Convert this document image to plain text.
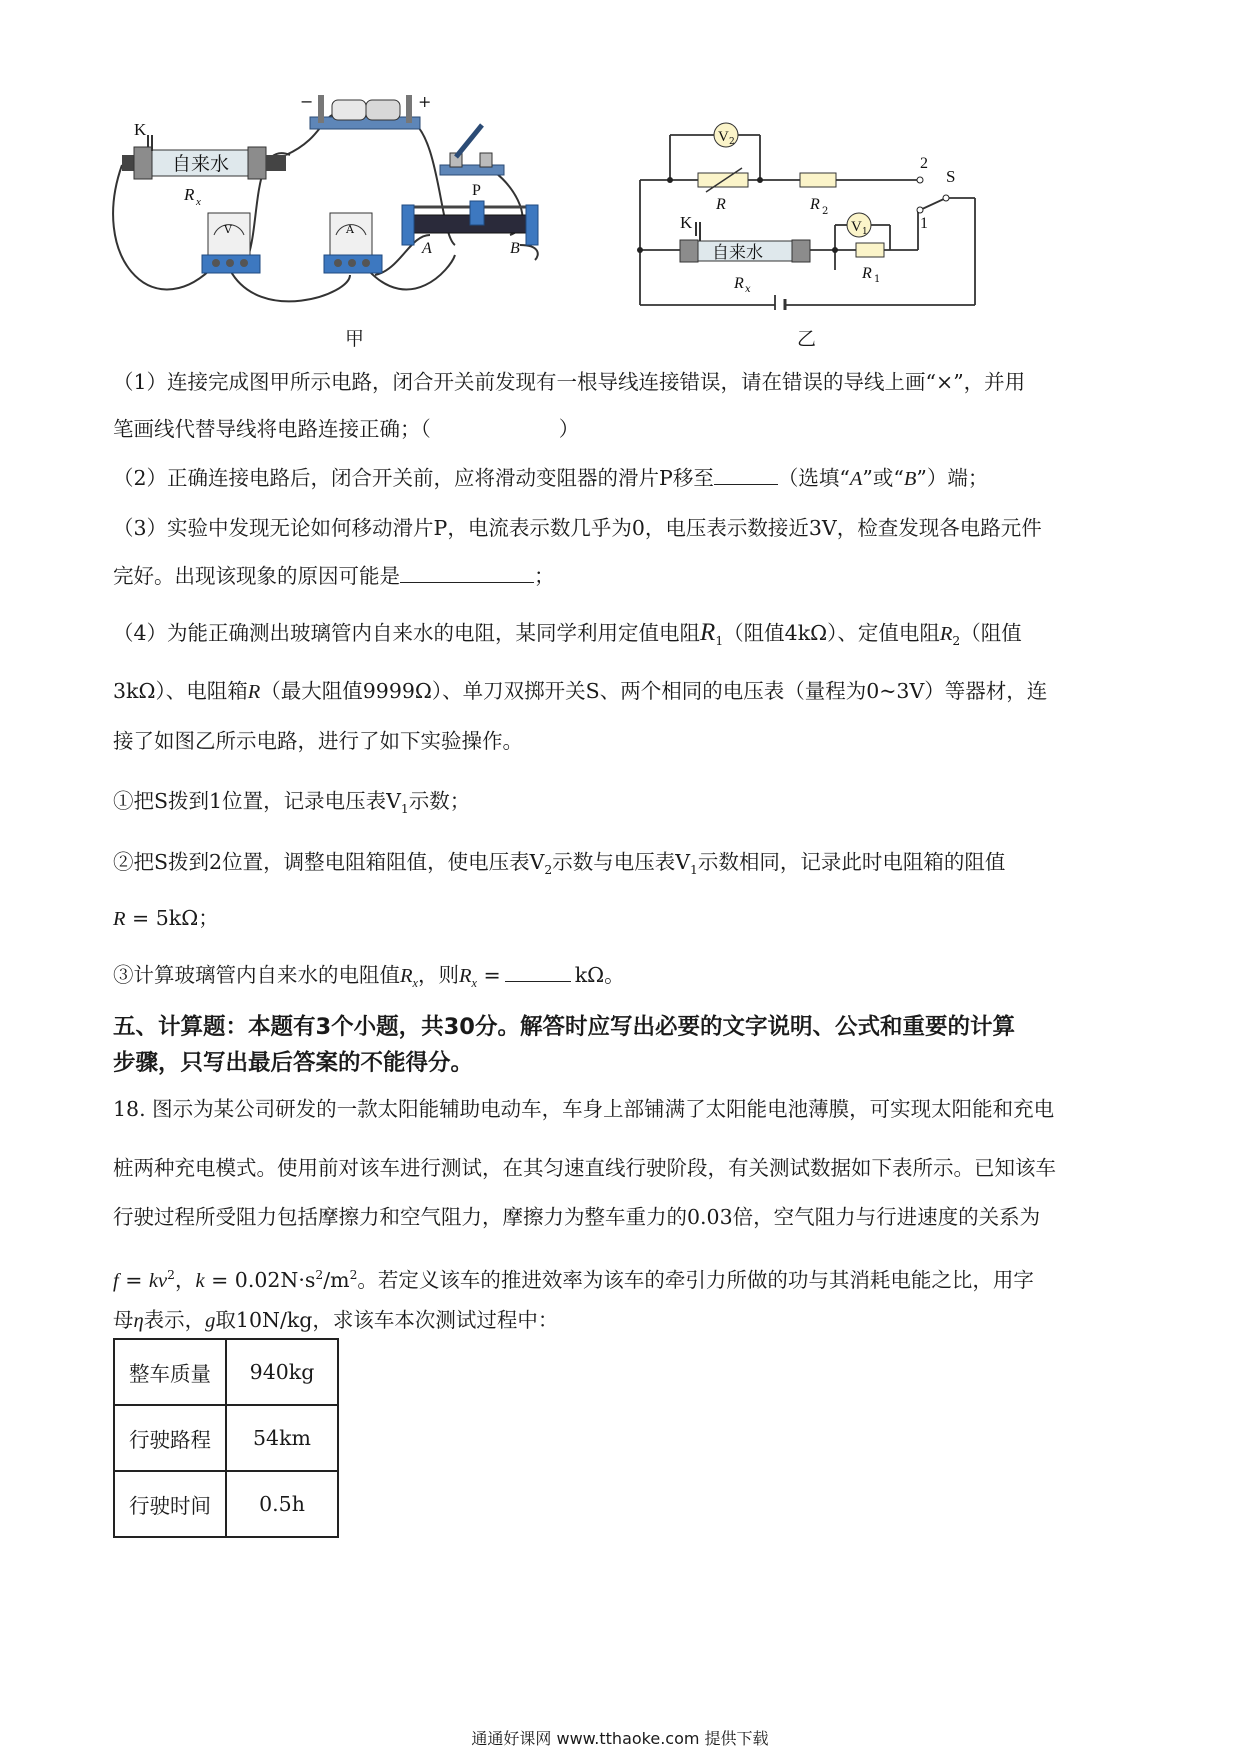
K
自来水
R x
−	+
V	A
P
A	B
甲
V 2
R	R 2
2
S
1
V 1
R 1
K
自来水
R x
乙
（1）连接完成图甲所示电路，闭合开关前发现有一根导线连接错误，请在错误的导线上画“×”，并用
笔画线代替导线将电路连接正确；（	）
（2）正确连接电路后，闭合开关前，应将滑动变阻器的滑片P移至	（选填“A”或“B”）端；
（3）实验中发现无论如何移动滑片P，电流表示数几乎为0，电压表示数接近3V，检查发现各电路元件
完好。出现该现象的原因可能是	；
（4）为能正确测出玻璃管内自来水的电阻，某同学利用定值电阻$R_1$（阻值4kΩ）、定值电阻$R_2$（阻值
3kΩ）、电阻箱R（最大阻值9999Ω）、单刀双掷开关S、两个相同的电压表（量程为0~3V）等器材，连
接了如图乙所示电路，进行了如下实验操作。
①把S拨到1位置，记录电压表$V_1$示数；
②把S拨到2位置，调整电阻箱阻值，使电压表$V_2$示数与电压表$V_1$示数相同，记录此时电阻箱的阻值
R = 5kΩ；
③计算玻璃管内自来水的电阻值$R_x$，则$R_x$ =	kΩ。
五、计算题：本题有3个小题，共30分。解答时应写出必要的文字说明、公式和重要的计算
步骤，只写出最后答案的不能得分。
18. 图示为某公司研发的一款太阳能辅助电动车，车身上部铺满了太阳能电池薄膜，可实现太阳能和充电
桩两种充电模式。使用前对该车进行测试，在其匀速直线行驶阶段，有关测试数据如下表所示。已知该车
行驶过程所受阻力包括摩擦力和空气阻力，摩擦力为整车重力的0.03倍，空气阻力与行进速度的关系为
$f = kv^2$，$k = 0.02N\cdot s^2/m^2$。若定义该车的推进效率为该车的牵引力所做的功与其消耗电能之比，用字
母η表示，g取10N/kg，求该车本次测试过程中：
整车质量	940kg
行驶路程	54km
行驶时间	0.5h
通通好课网 www.tthaoke.com 提供下载
